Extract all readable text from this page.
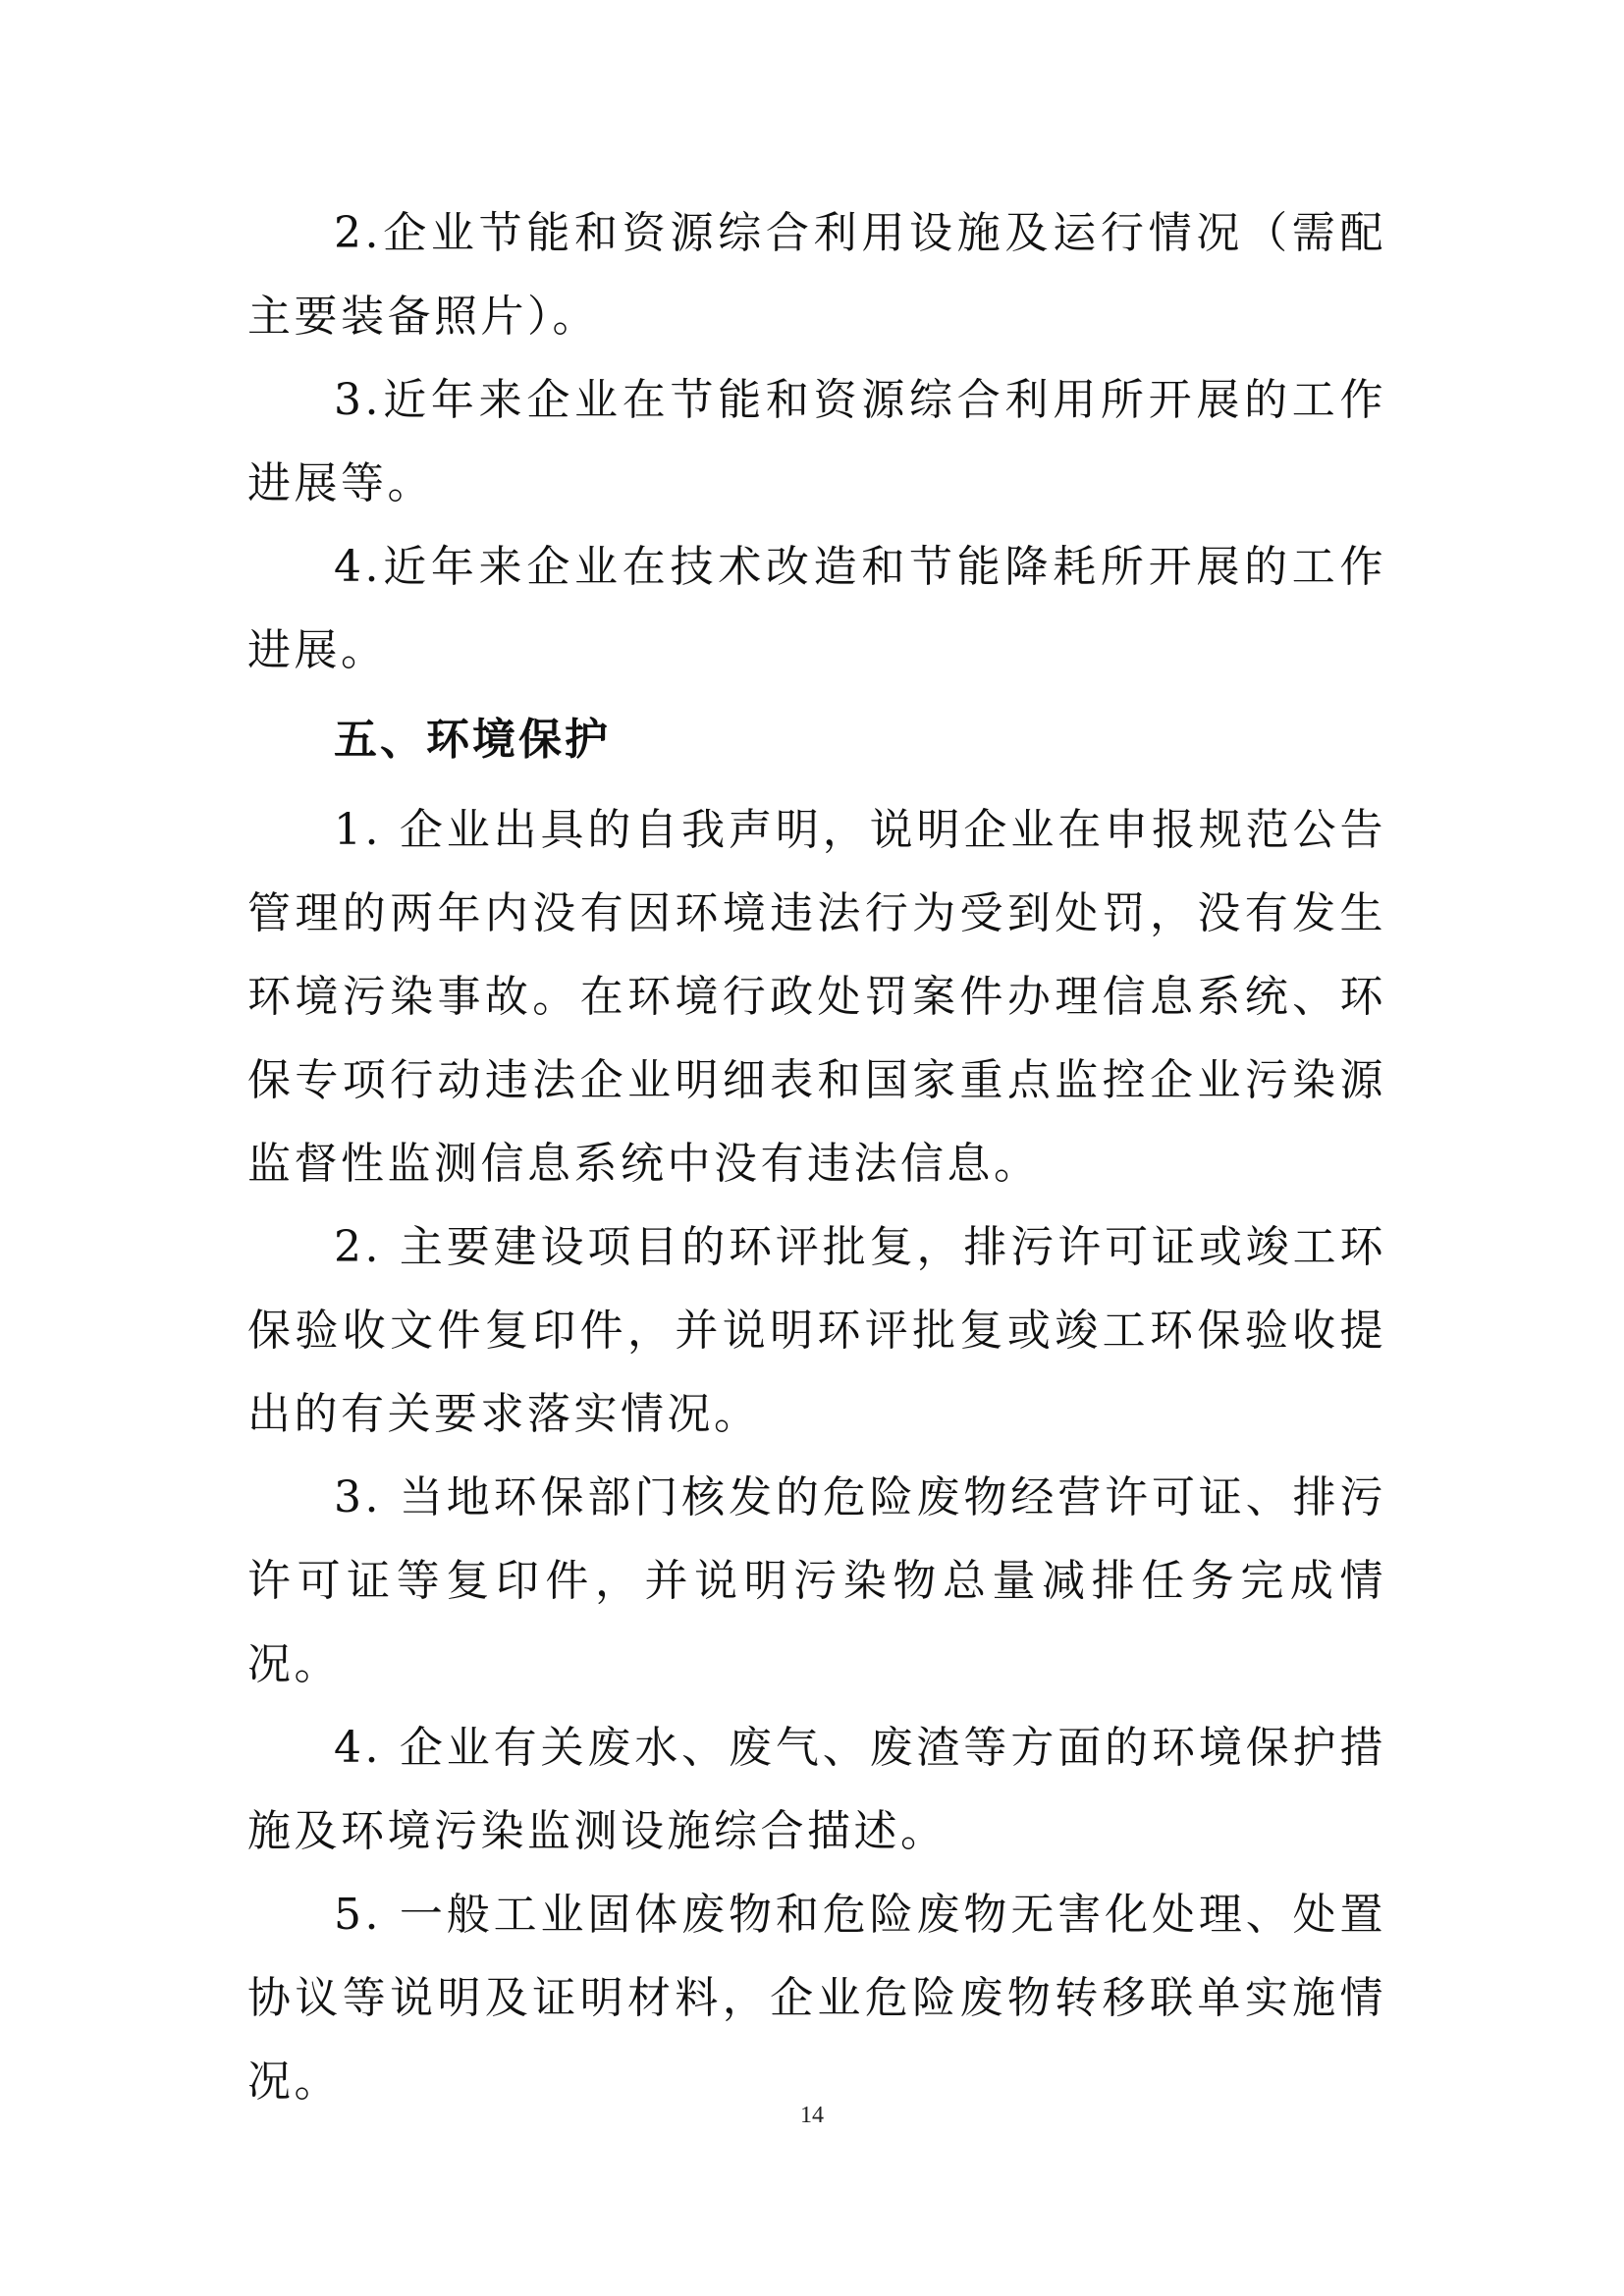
2.企业节能和资源综合利用设施及运行情况（需配主要装备照片）。

3.近年来企业在节能和资源综合利用所开展的工作进展等。

4.近年来企业在技术改造和节能降耗所开展的工作进展。

五、环境保护

1. 企业出具的自我声明，说明企业在申报规范公告管理的两年内没有因环境违法行为受到处罚，没有发生环境污染事故。在环境行政处罚案件办理信息系统、环保专项行动违法企业明细表和国家重点监控企业污染源监督性监测信息系统中没有违法信息。

2. 主要建设项目的环评批复，排污许可证或竣工环保验收文件复印件，并说明环评批复或竣工环保验收提出的有关要求落实情况。

3. 当地环保部门核发的危险废物经营许可证、排污许可证等复印件，并说明污染物总量减排任务完成情况。

4. 企业有关废水、废气、废渣等方面的环境保护措施及环境污染监测设施综合描述。

5. 一般工业固体废物和危险废物无害化处理、处置协议等说明及证明材料，企业危险废物转移联单实施情况。

14
